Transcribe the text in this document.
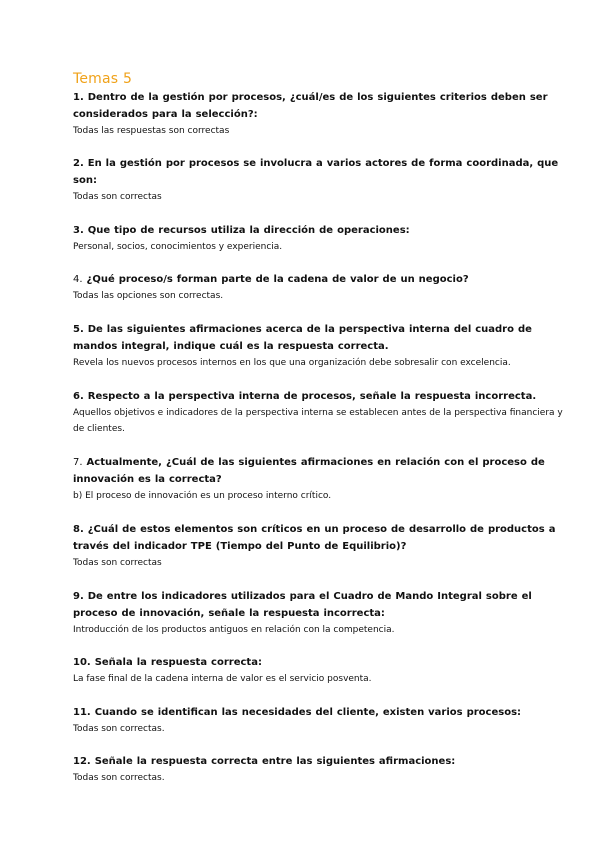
Temas 5

1. Dentro de la gestión por procesos, ¿cuál/es de los siguientes criterios deben ser considerados para la selección?:

Todas las respuestas son correctas

2. En la gestión por procesos se involucra a varios actores de forma coordinada, que son:

Todas son correctas

3. Que tipo de recursos utiliza la dirección de operaciones:

Personal, socios, conocimientos y experiencia.

4. ¿Qué proceso/s forman parte de la cadena de valor de un negocio?

Todas las opciones son correctas.

5. De las siguientes afirmaciones acerca de la perspectiva interna del cuadro de mandos integral, indique cuál es la respuesta correcta.

Revela los nuevos procesos internos en los que una organización debe sobresalir con excelencia.

6. Respecto a la perspectiva interna de procesos, señale la respuesta incorrecta.

Aquellos objetivos e indicadores de la perspectiva interna se establecen antes de la perspectiva financiera y de clientes.

7. Actualmente, ¿Cuál de las siguientes afirmaciones en relación con el proceso de innovación es la correcta?

b) El proceso de innovación es un proceso interno crítico.

8. ¿Cuál de estos elementos son críticos en un proceso de desarrollo de productos a través del indicador TPE (Tiempo del Punto de Equilibrio)?

Todas son correctas

9. De entre los indicadores utilizados para el Cuadro de Mando Integral sobre el proceso de innovación, señale la respuesta incorrecta:

Introducción de los productos antiguos en relación con la competencia.

10. Señala la respuesta correcta:

La fase final de la cadena interna de valor es el servicio posventa.

11. Cuando se identifican las necesidades del cliente, existen varios procesos:

Todas son correctas.

12. Señale la respuesta correcta entre las siguientes afirmaciones:

Todas son correctas.
